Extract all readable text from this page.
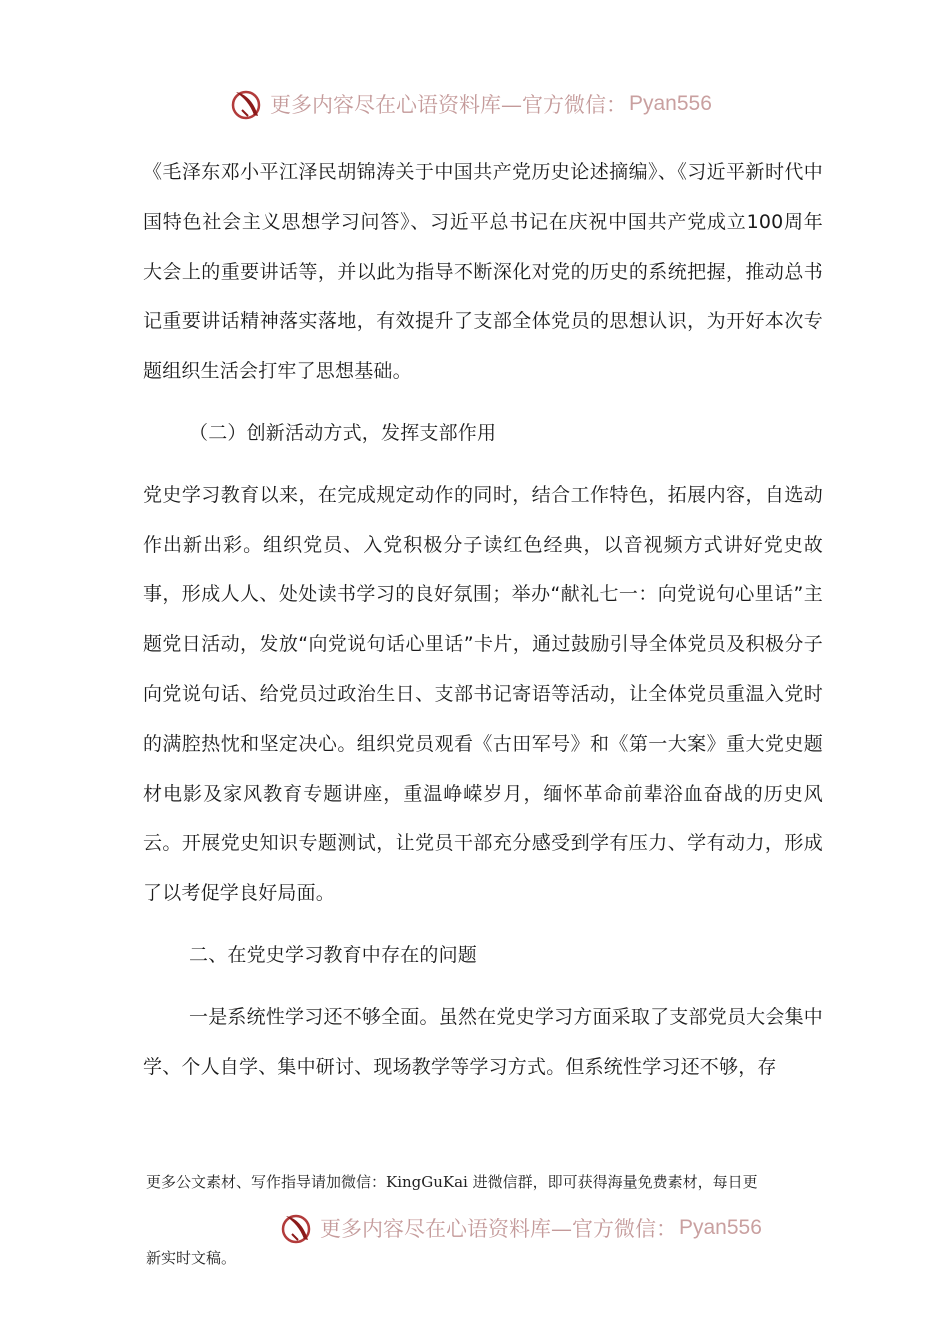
更多内容尽在心语资料库—官方微信： Pyan556

《毛泽东邓小平江泽民胡锦涛关于中国共产党历史论述摘编》、《习近平新时代中国特色社会主义思想学习问答》、习近平总书记在庆祝中国共产党成立100周年大会上的重要讲话等，并以此为指导不断深化对党的历史的系统把握，推动总书记重要讲话精神落实落地，有效提升了支部全体党员的思想认识，为开好本次专题组织生活会打牢了思想基础。

（二）创新活动方式，发挥支部作用

党史学习教育以来，在完成规定动作的同时，结合工作特色，拓展内容，自选动作出新出彩。组织党员、入党积极分子读红色经典，以音视频方式讲好党史故事，形成人人、处处读书学习的良好氛围；举办“献礼七一：向党说句心里话”主题党日活动，发放“向党说句话心里话”卡片，通过鼓励引导全体党员及积极分子向党说句话、给党员过政治生日、支部书记寄语等活动，让全体党员重温入党时的满腔热忱和坚定决心。组织党员观看《古田军号》和《第一大案》重大党史题材电影及家风教育专题讲座，重温峥嵘岁月，缅怀革命前辈浴血奋战的历史风云。开展党史知识专题测试，让党员干部充分感受到学有压力、学有动力，形成了以考促学良好局面。

二、在党史学习教育中存在的问题

一是系统性学习还不够全面。虽然在党史学习方面采取了支部党员大会集中学、个人自学、集中研讨、现场教学等学习方式。但系统性学习还不够，存

更多公文素材、写作指导请加微信：KingGuKai 进微信群，即可获得海量免费素材，每日更
更多内容尽在心语资料库—官方微信： Pyan556
新实时文稿。
